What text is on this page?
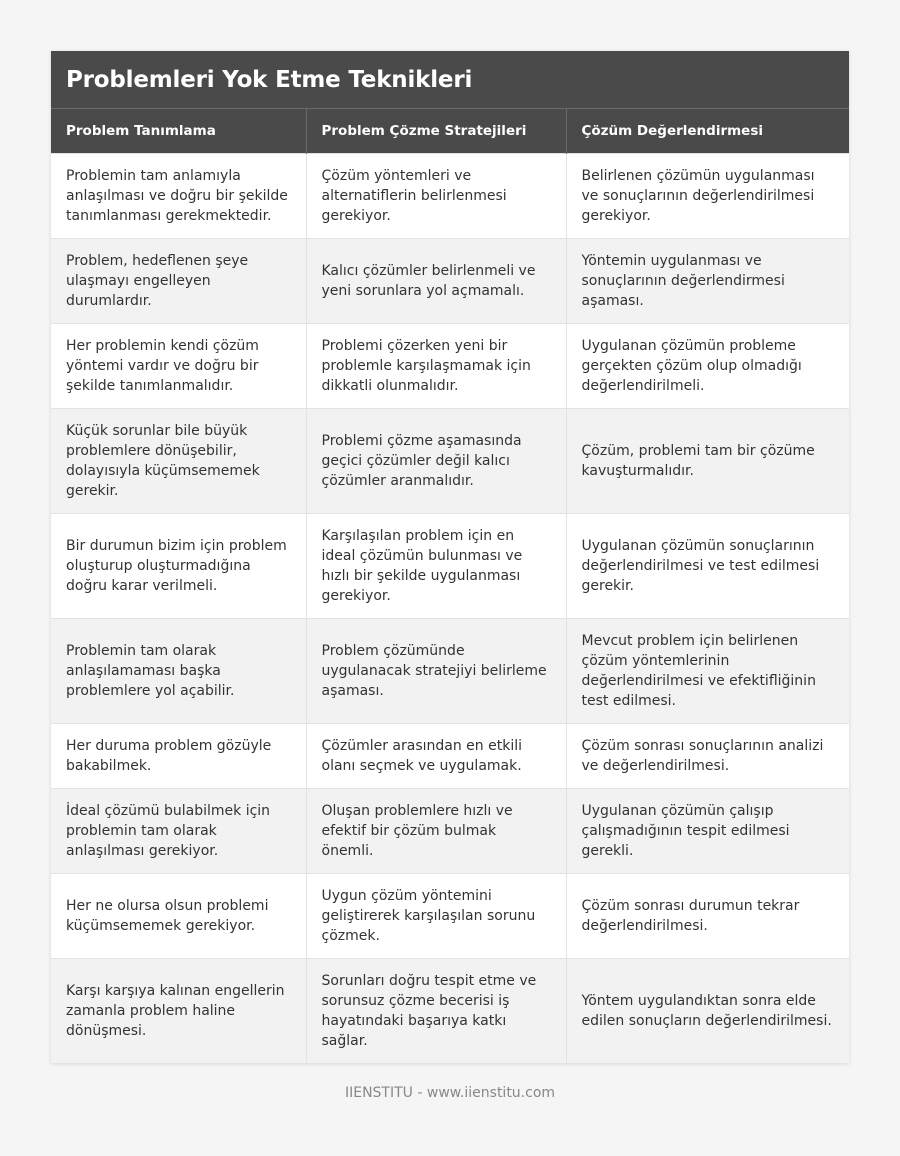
Problemleri Yok Etme Teknikleri
Problem Tanımlama	Problem Çözme Stratejileri	Çözüm Değerlendirmesi
Problemin tam anlamıyla anlaşılması ve doğru bir şekilde tanımlanması gerekmektedir.	Çözüm yöntemleri ve alternatiflerin belirlenmesi gerekiyor.	Belirlenen çözümün uygulanması ve sonuçlarının değerlendirilmesi gerekiyor.
Problem, hedeflenen şeye ulaşmayı engelleyen durumlardır.	Kalıcı çözümler belirlenmeli ve yeni sorunlara yol açmamalı.	Yöntemin uygulanması ve sonuçlarının değerlendirmesi aşaması.
Her problemin kendi çözüm yöntemi vardır ve doğru bir şekilde tanımlanmalıdır.	Problemi çözerken yeni bir problemle karşılaşmamak için dikkatli olunmalıdır.	Uygulanan çözümün probleme gerçekten çözüm olup olmadığı değerlendirilmeli.
Küçük sorunlar bile büyük problemlere dönüşebilir, dolayısıyla küçümsememek gerekir.	Problemi çözme aşamasında geçici çözümler değil kalıcı çözümler aranmalıdır.	Çözüm, problemi tam bir çözüme kavuşturmalıdır.
Bir durumun bizim için problem oluşturup oluşturmadığına doğru karar verilmeli.	Karşılaşılan problem için en ideal çözümün bulunması ve hızlı bir şekilde uygulanması gerekiyor.	Uygulanan çözümün sonuçlarının değerlendirilmesi ve test edilmesi gerekir.
Problemin tam olarak anlaşılamaması başka problemlere yol açabilir.	Problem çözümünde uygulanacak stratejiyi belirleme aşaması.	Mevcut problem için belirlenen çözüm yöntemlerinin değerlendirilmesi ve efektifliğinin test edilmesi.
Her duruma problem gözüyle bakabilmek.	Çözümler arasından en etkili olanı seçmek ve uygulamak.	Çözüm sonrası sonuçlarının analizi ve değerlendirilmesi.
İdeal çözümü bulabilmek için problemin tam olarak anlaşılması gerekiyor.	Oluşan problemlere hızlı ve efektif bir çözüm bulmak önemli.	Uygulanan çözümün çalışıp çalışmadığının tespit edilmesi gerekli.
Her ne olursa olsun problemi küçümsememek gerekiyor.	Uygun çözüm yöntemini geliştirerek karşılaşılan sorunu çözmek.	Çözüm sonrası durumun tekrar değerlendirilmesi.
Karşı karşıya kalınan engellerin zamanla problem haline dönüşmesi.	Sorunları doğru tespit etme ve sorunsuz çözme becerisi iş hayatındaki başarıya katkı sağlar.	Yöntem uygulandıktan sonra elde edilen sonuçların değerlendirilmesi.
IIENSTITU - www.iienstitu.com
